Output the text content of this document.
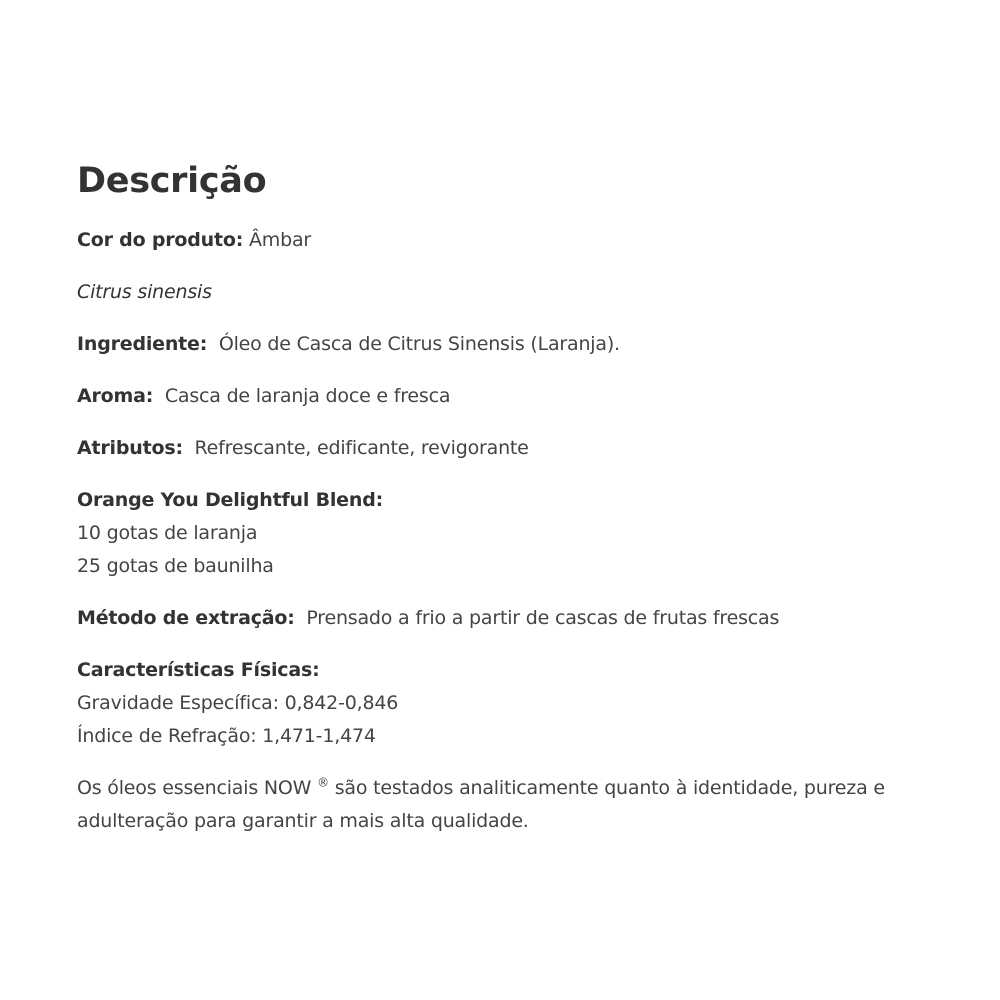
Descrição

Cor do produto: Âmbar

Citrus sinensis

Ingrediente:  Óleo de Casca de Citrus Sinensis (Laranja).

Aroma:  Casca de laranja doce e fresca

Atributos:  Refrescante, edificante, revigorante

Orange You Delightful Blend:
10 gotas de laranja
25 gotas de baunilha

Método de extração:  Prensado a frio a partir de cascas de frutas frescas

Características Físicas:
Gravidade Específica: 0,842-0,846
Índice de Refração: 1,471-1,474

Os óleos essenciais NOW ® são testados analiticamente quanto à identidade, pureza e
adulteração para garantir a mais alta qualidade.
